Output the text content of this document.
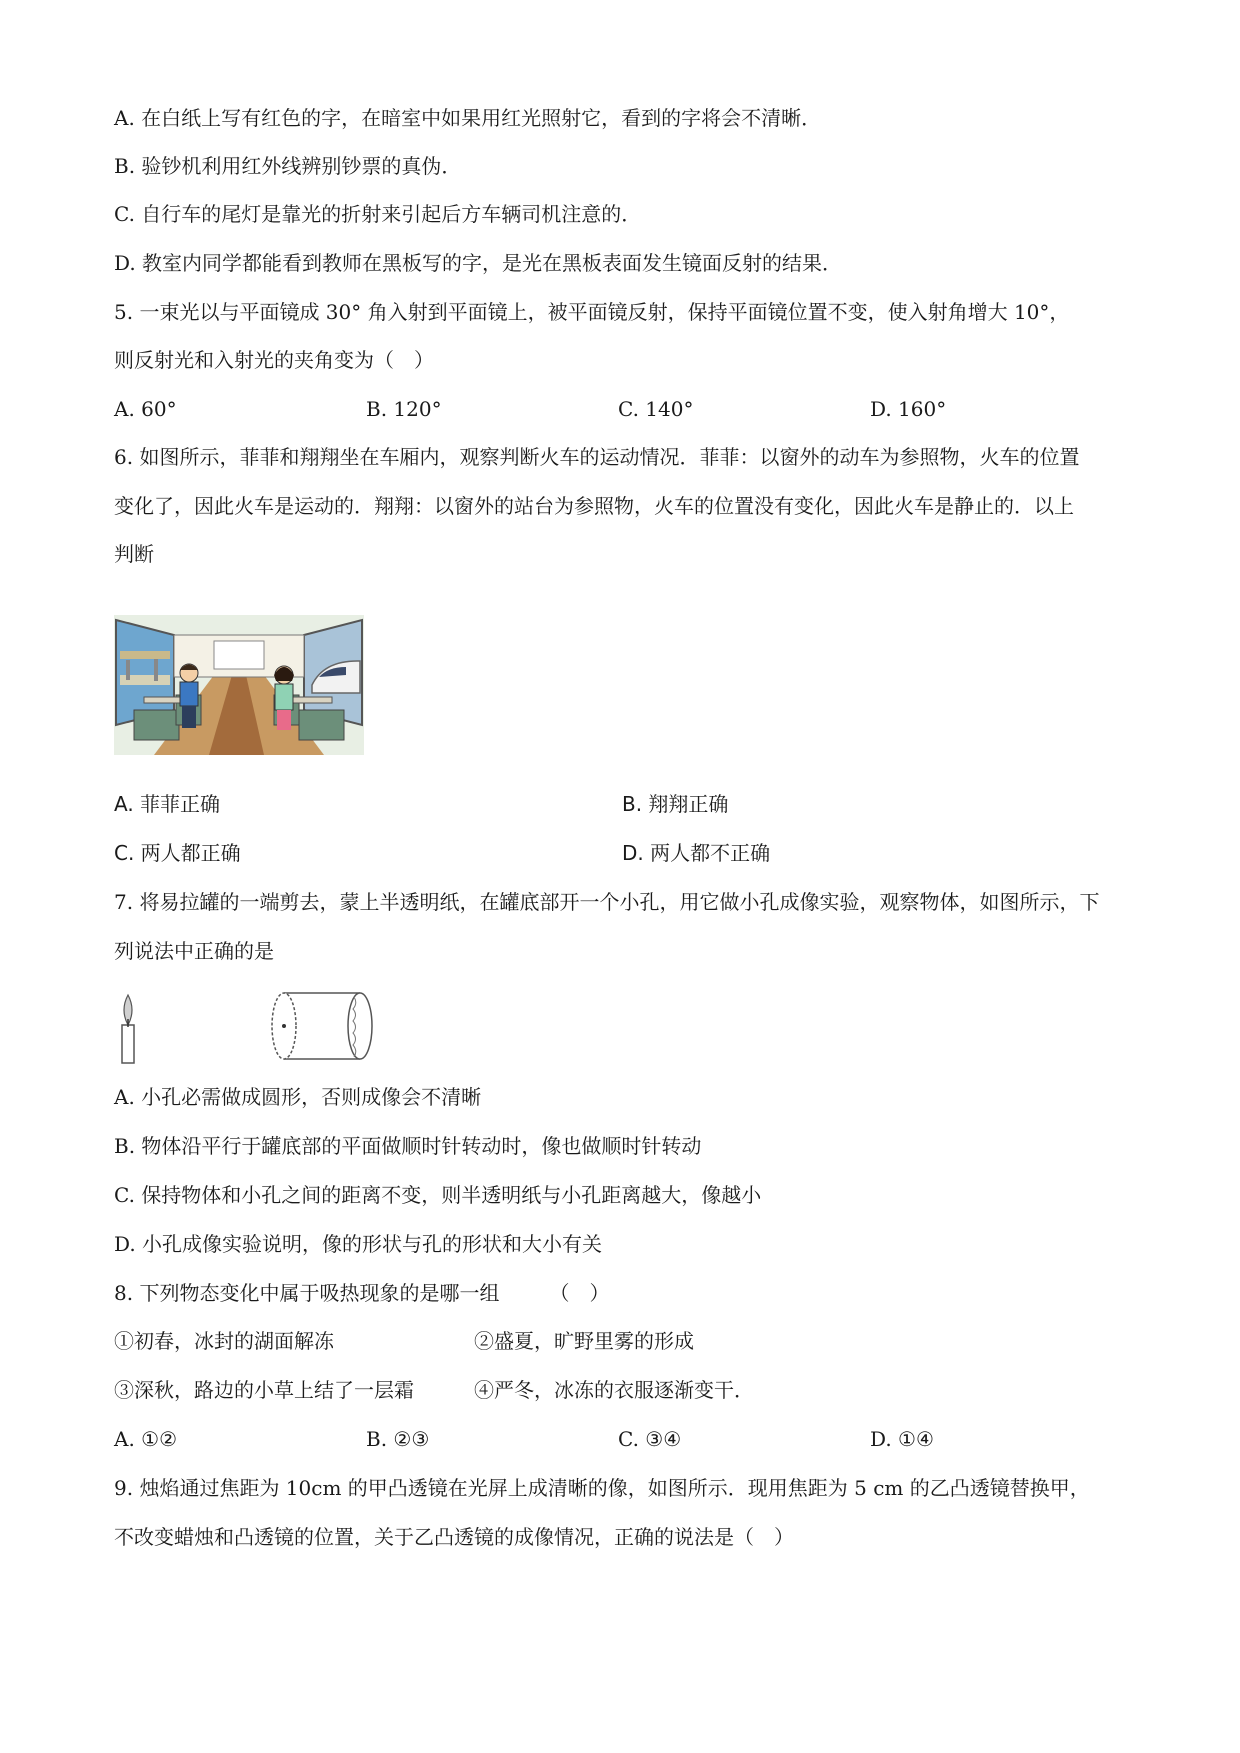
A. 在白纸上写有红色的字，在暗室中如果用红光照射它，看到的字将会不清晰．
B. 验钞机利用红外线辨别钞票的真伪．
C. 自行车的尾灯是靠光的折射来引起后方车辆司机注意的．
D. 教室内同学都能看到教师在黑板写的字，是光在黑板表面发生镜面反射的结果．
5. 一束光以与平面镜成 30° 角入射到平面镜上，被平面镜反射，保持平面镜位置不变，使入射角增大 10°，
则反射光和入射光的夹角变为（　）
A. 60°	B. 120°	C. 140°	D. 160°
6. 如图所示，菲菲和翔翔坐在车厢内，观察判断火车的运动情况．菲菲：以窗外的动车为参照物，火车的位置
变化了，因此火车是运动的．翔翔：以窗外的站台为参照物，火车的位置没有变化，因此火车是静止的．以上
判断
A. 菲菲正确	B. 翔翔正确
C. 两人都正确	D. 两人都不正确
7. 将易拉罐的一端剪去，蒙上半透明纸，在罐底部开一个小孔，用它做小孔成像实验，观察物体，如图所示，下
列说法中正确的是
A. 小孔必需做成圆形，否则成像会不清晰
B. 物体沿平行于罐底部的平面做顺时针转动时，像也做顺时针转动
C. 保持物体和小孔之间的距离不变，则半透明纸与小孔距离越大，像越小
D. 小孔成像实验说明，像的形状与孔的形状和大小有关
8. 下列物态变化中属于吸热现象的是哪一组　　　（　）
①初春，冰封的湖面解冻	②盛夏，旷野里雾的形成
③深秋，路边的小草上结了一层霜	④严冬，冰冻的衣服逐渐变干．
A. ①②	B. ②③	C. ③④	D. ①④
9. 烛焰通过焦距为 10cm 的甲凸透镜在光屏上成清晰的像，如图所示．现用焦距为 5 cm 的乙凸透镜替换甲，
不改变蜡烛和凸透镜的位置，关于乙凸透镜的成像情况，正确的说法是（　）
